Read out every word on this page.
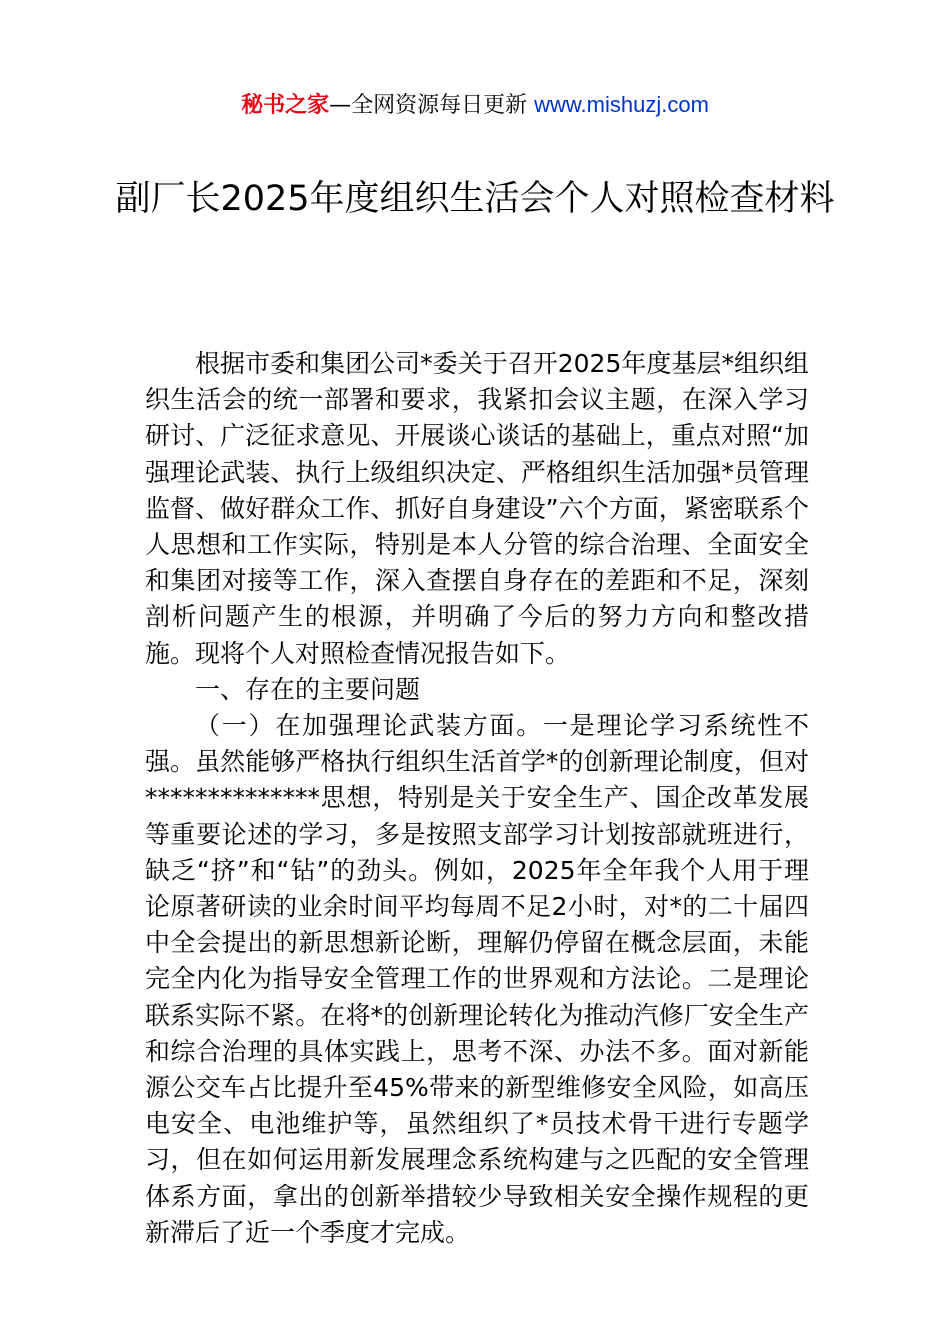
秘书之家—全网资源每日更新 www.mishuzj.com
副厂长2025年度组织生活会个人对照检查材料

根据市委和集团公司*委关于召开2025年度基层*组织组织生活会的统一部署和要求，我紧扣会议主题，在深入学习研讨、广泛征求意见、开展谈心谈话的基础上，重点对照“加强理论武装、执行上级组织决定、严格组织生活加强*员管理监督、做好群众工作、抓好自身建设”六个方面，紧密联系个人思想和工作实际，特别是本人分管的综合治理、全面安全和集团对接等工作，深入查摆自身存在的差距和不足，深刻剖析问题产生的根源，并明确了今后的努力方向和整改措施。现将个人对照检查情况报告如下。

一、存在的主要问题

（一）在加强理论武装方面。一是理论学习系统性不强。虽然能够严格执行组织生活首学*的创新理论制度，但对**************思想，特别是关于安全生产、国企改革发展等重要论述的学习，多是按照支部学习计划按部就班进行，缺乏“挤”和“钻”的劲头。例如，2025年全年我个人用于理论原著研读的业余时间平均每周不足2小时，对*的二十届四中全会提出的新思想新论断，理解仍停留在概念层面，未能完全内化为指导安全管理工作的世界观和方法论。二是理论联系实际不紧。在将*的创新理论转化为推动汽修厂安全生产和综合治理的具体实践上，思考不深、办法不多。面对新能源公交车占比提升至45%带来的新型维修安全风险，如高压电安全、电池维护等，虽然组织了*员技术骨干进行专题学习，但在如何运用新发展理念系统构建与之匹配的安全管理体系方面，拿出的创新举措较少导致相关安全操作规程的更新滞后了近一个季度才完成。
